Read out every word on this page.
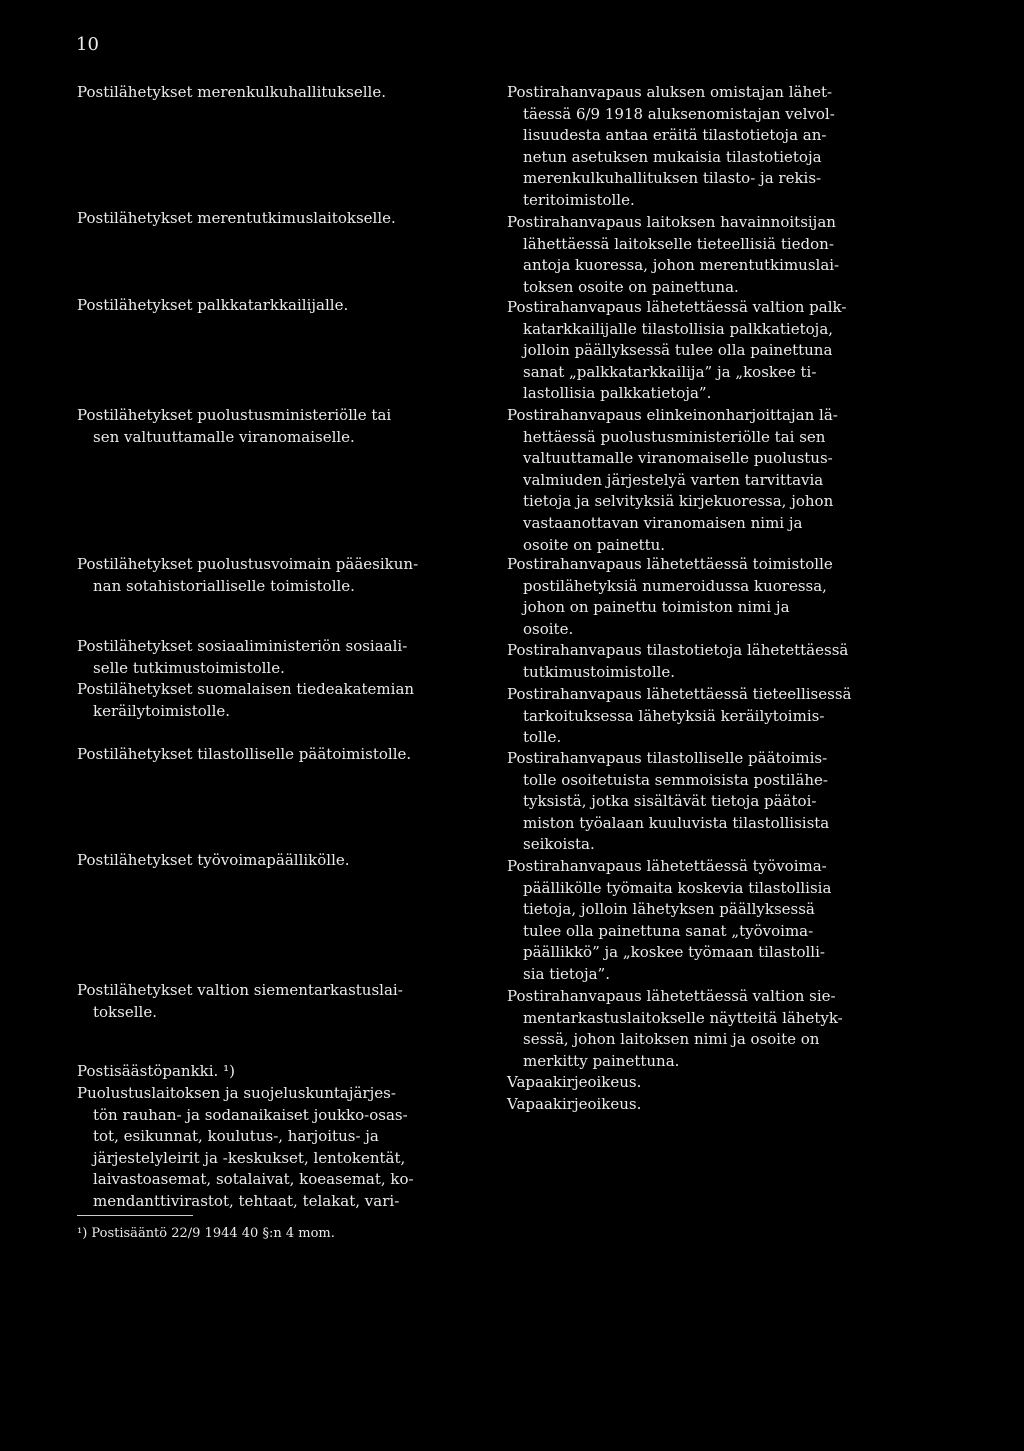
10
Postilähetykset merenkulkuhallitukselle.
Postilähetykset merentutkimuslaitokselle.
Postilähetykset palkkatarkkailijalle.
Postilähetykset puolustusministeriölle tai
sen valtuuttamalle viranomaiselle.
Postilähetykset puolustusvoimain pääesikun-
nan sotahistorialliselle toimistolle.
Postilähetykset sosiaaliministeriön sosiaali-
selle tutkimustoimistolle.
Postilähetykset suomalaisen tiedeakatemian
keräilytoimistolle.
Postilähetykset tilastolliselle päätoimistolle.
Postilähetykset työvoimapäällikölle.
Postilähetykset valtion siementarkastuslai-
tokselle.
Postisäästöpankki. ¹)
Puolustuslaitoksen ja suojeluskuntajärjes-
tön rauhan- ja sodanaikaiset joukko-osas-
tot, esikunnat, koulutus-, harjoitus- ja
järjestelyleirit ja -keskukset, lentokentät,
laivastoasemat, sotalaivat, koeasemat, ko-
mendanttivirastot, tehtaat, telakat, vari-
Postirahanvapaus aluksen omistajan lähet-
täessä 6/9 1918 aluksenomistajan velvol-
lisuudesta antaa eräitä tilastotietoja an-
netun asetuksen mukaisia tilastotietoja
merenkulkuhallituksen tilasto- ja rekis-
teritoimistolle.
Postirahanvapaus laitoksen havainnoitsijan
lähettäessä laitokselle tieteellisiä tiedon-
antoja kuoressa, johon merentutkimuslai-
toksen osoite on painettuna.
Postirahanvapaus lähetettäessä valtion palk-
katarkkailijalle tilastollisia palkkatietoja,
jolloin päällyksessä tulee olla painettuna
sanat „palkkatarkkailija” ja „koskee ti-
lastollisia palkkatietoja”.
Postirahanvapaus elinkeinonharjoittajan lä-
hettäessä puolustusministeriölle tai sen
valtuuttamalle viranomaiselle puolustus-
valmiuden järjestelyä varten tarvittavia
tietoja ja selvityksiä kirjekuoressa, johon
vastaanottavan viranomaisen nimi ja
osoite on painettu.
Postirahanvapaus lähetettäessä toimistolle
postilähetyksiä numeroidussa kuoressa,
johon on painettu toimiston nimi ja
osoite.
Postirahanvapaus tilastotietoja lähetettäessä
tutkimustoimistolle.
Postirahanvapaus lähetettäessä tieteellisessä
tarkoituksessa lähetyksiä keräilytoimis-
tolle.
Postirahanvapaus tilastolliselle päätoimis-
tolle osoitetuista semmoisista postilähe-
tyksistä, jotka sisältävät tietoja päätoi-
miston työalaan kuuluvista tilastollisista
seikoista.
Postirahanvapaus lähetettäessä työvoima-
päällikölle työmaita koskevia tilastollisia
tietoja, jolloin lähetyksen päällyksessä
tulee olla painettuna sanat „työvoima-
päällikkö” ja „koskee työmaan tilastolli-
sia tietoja”.
Postirahanvapaus lähetettäessä valtion sie-
mentarkastuslaitokselle näytteitä lähetyk-
sessä, johon laitoksen nimi ja osoite on
merkitty painettuna.
Vapaakirjeoikeus.
Vapaakirjeoikeus.
¹) Postisääntö 22/9 1944 40 §:n 4 mom.
